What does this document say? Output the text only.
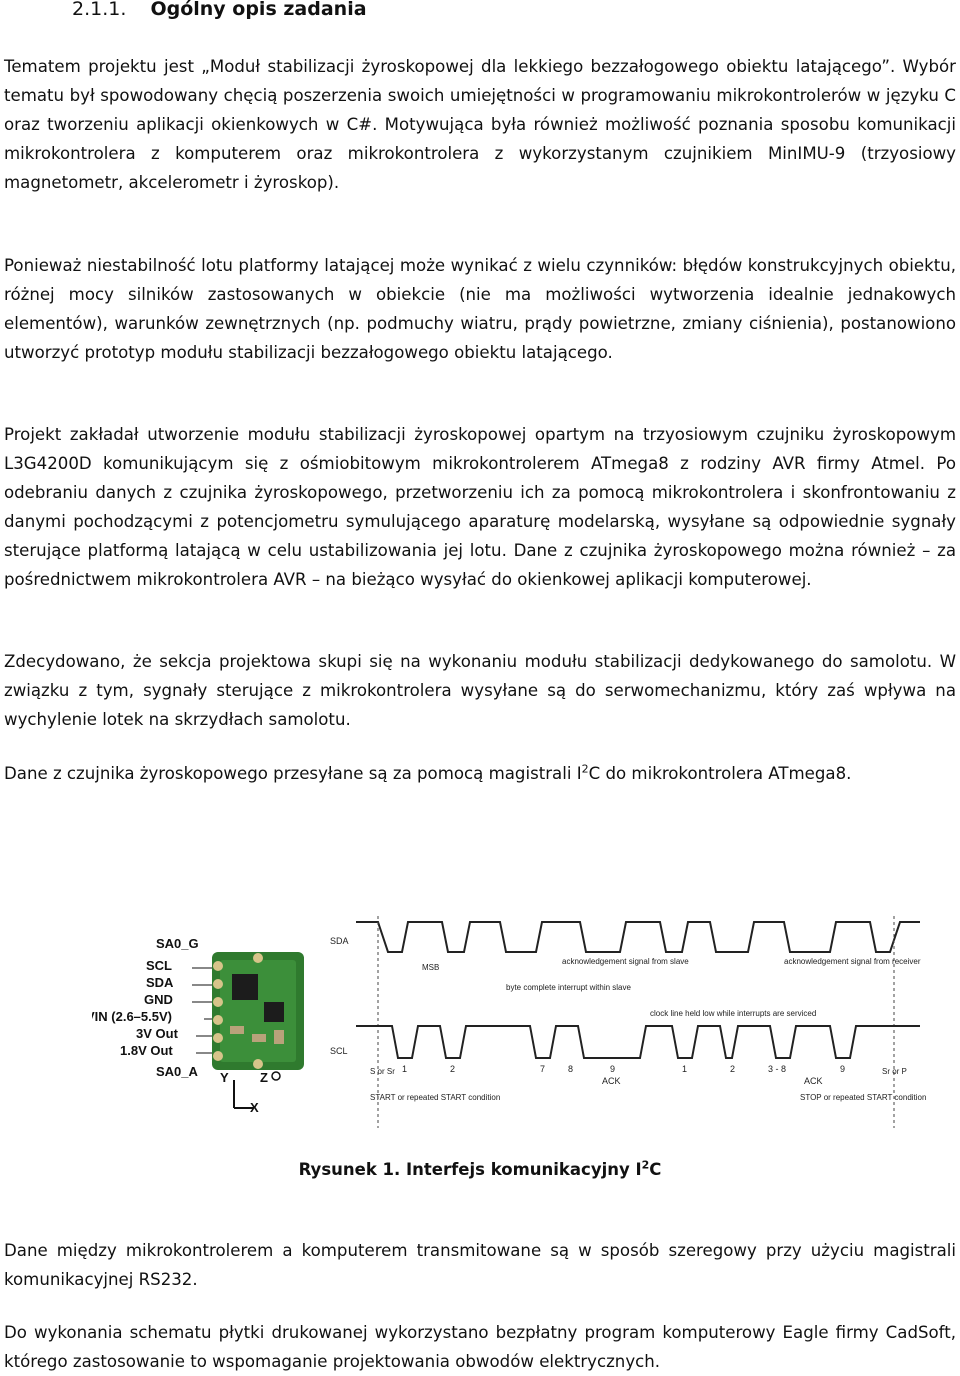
2.1.1. Ogólny opis zadania
Tematem projektu jest „Moduł stabilizacji żyroskopowej dla lekkiego bezzałogowego obiektu latającego”. Wybór tematu był spowodowany chęcią poszerzenia swoich umiejętności w programowaniu mikrokontrolerów w języku C oraz tworzeniu aplikacji okienkowych w C#. Motywująca była również możliwość poznania sposobu komunikacji mikrokontrolera z komputerem oraz mikrokontrolera z wykorzystanym czujnikiem MinIMU-9 (trzyosiowy magnetometr, akcelerometr i żyroskop).
Ponieważ niestabilność lotu platformy latającej może wynikać z wielu czynników: błędów konstrukcyjnych obiektu, różnej mocy silników zastosowanych w obiekcie (nie ma możliwości wytworzenia idealnie jednakowych elementów), warunków zewnętrznych (np. podmuchy wiatru, prądy powietrzne, zmiany ciśnienia), postanowiono utworzyć prototyp modułu stabilizacji bezzałogowego obiektu latającego.
Projekt zakładał utworzenie modułu stabilizacji żyroskopowej opartym na trzyosiowym czujniku żyroskopowym L3G4200D komunikującym się z ośmiobitowym mikrokontrolerem ATmega8 z rodziny AVR firmy Atmel. Po odebraniu danych z czujnika żyroskopowego, przetworzeniu ich za pomocą mikrokontrolera i skonfrontowaniu z danymi pochodzącymi z potencjometru symulującego aparaturę modelarską, wysyłane są odpowiednie sygnały sterujące platformą latającą w celu ustabilizowania jej lotu. Dane z czujnika żyroskopowego można również – za pośrednictwem mikrokontrolera AVR – na bieżąco wysyłać do okienkowej aplikacji komputerowej.
Zdecydowano, że sekcja projektowa skupi się na wykonaniu modułu stabilizacji dedykowanego do samolotu. W związku z tym, sygnały sterujące z mikrokontrolera wysyłane są do serwomechanizmu, który zaś wpływa na wychylenie lotek na skrzydłach samolotu.
Dane z czujnika żyroskopowego przesyłane są za pomocą magistrali $I^2C$ do mikrokontrolera ATmega8.
SA0_G
SCL
SDA
GND
VIN (2.6–5.5V)
3V Out
1.8V Out
SA0_A Y Z
X
SDA
SCL
MSB
acknowledgement signal from slave	acknowledgement signal from receiver
byte complete interrupt within slave
clock line held low while interrupts are serviced
S or Sr	Sr or P
1	2	7	8	9	1	2	3 - 8	9
ACK	ACK
START or repeated START condition	STOP or repeated START condition
Rysunek 1. Interfejs komunikacyjny $I^2C$
Dane między mikrokontrolerem a komputerem transmitowane są w sposób szeregowy przy użyciu magistrali komunikacyjnej RS232.
Do wykonania schematu płytki drukowanej wykorzystano bezpłatny program komputerowy Eagle firmy CadSoft, którego zastosowanie to wspomaganie projektowania obwodów elektrycznych.
